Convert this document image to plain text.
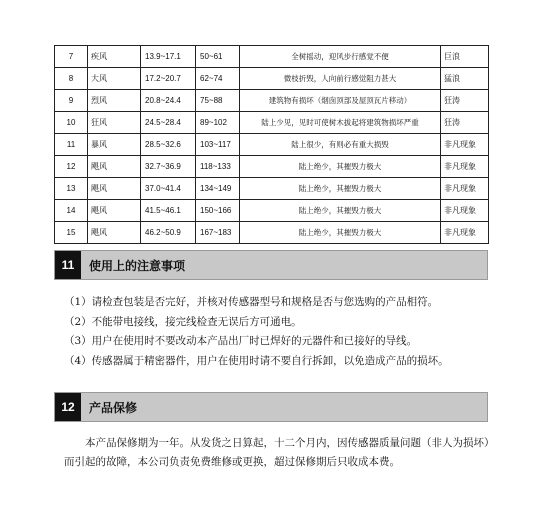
7	疾风	13.9~17.1	50~61	全树摇动，迎风步行感觉不便	巨浪
8	大风	17.2~20.7	62~74	微枝折毁，人向前行感觉阻力甚大	猛浪
9	烈风	20.8~24.4	75~88	建筑物有损坏（烟囱顶部及屋顶瓦片移动）	狂涛
10	狂风	24.5~28.4	89~102	陆上少见，见时可使树木拔起将建筑物损坏严重	狂涛
11	暴风	28.5~32.6	103~117	陆上很少，有则必有重大损毁	非凡现象
12	飓风	32.7~36.9	118~133	陆上绝少，其摧毁力极大	非凡现象
13	飓风	37.0~41.4	134~149	陆上绝少，其摧毁力极大	非凡现象
14	飓风	41.5~46.1	150~166	陆上绝少，其摧毁力极大	非凡现象
15	飓风	46.2~50.9	167~183	陆上绝少，其摧毁力极大	非凡现象
11	使用上的注意事项
（1）请检查包装是否完好，并核对传感器型号和规格是否与您选购的产品相符。
（2）不能带电接线，接完线检查无误后方可通电。
（3）用户在使用时不要改动本产品出厂时已焊好的元器件和已接好的导线。
（4）传感器属于精密器件，用户在使用时请不要自行拆卸，以免造成产品的损坏。
12	产品保修

本产品保修期为一年。从发货之日算起，十二个月内，因传感器质量问题（非人为损坏）而引起的故障，本公司负责免费维修或更换，超过保修期后只收成本费。
